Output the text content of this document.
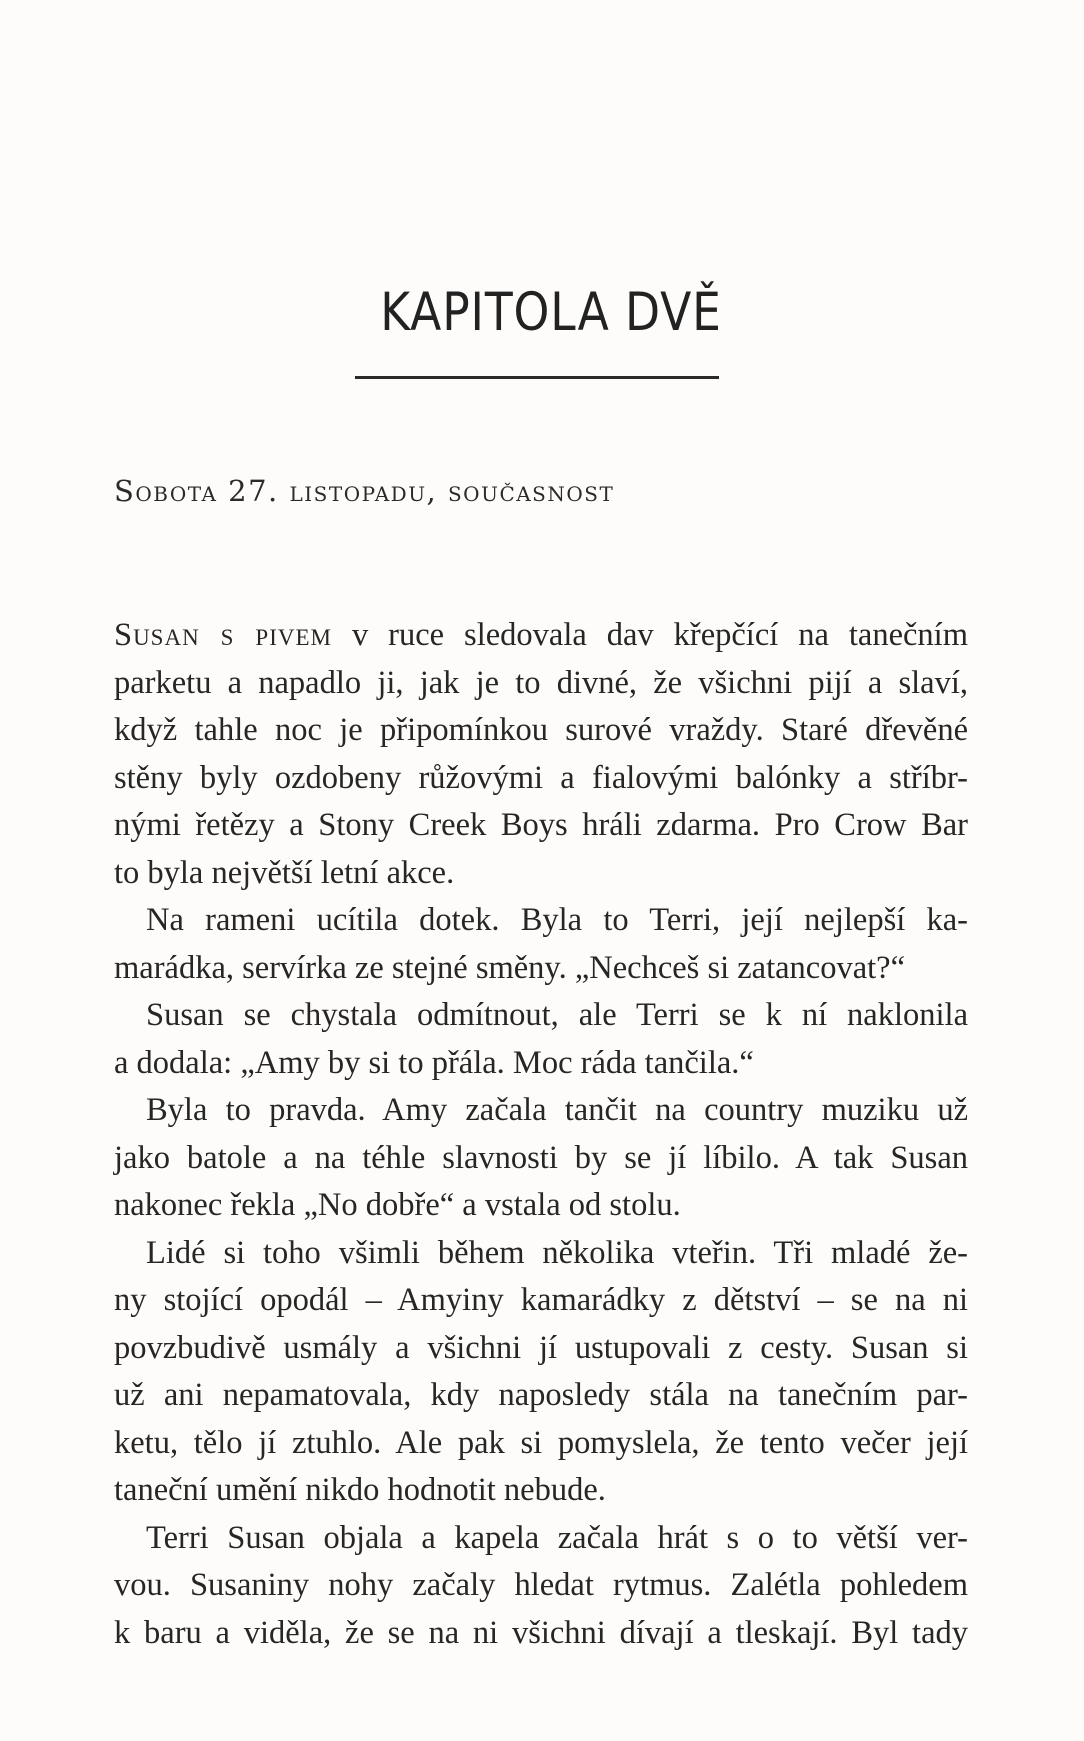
KAPITOLA DVĚ
Sobota 27. listopadu, současnost
Susan s pivem v ruce sledovala dav křepčící na tanečním
parketu a napadlo ji, jak je to divné, že všichni pijí a slaví,
když tahle noc je připomínkou surové vraždy. Staré dřevěné
stěny byly ozdobeny růžovými a fialovými balónky a stříbr-
nými řetězy a Stony Creek Boys hráli zdarma. Pro Crow Bar
to byla největší letní akce.
Na rameni ucítila dotek. Byla to Terri, její nejlepší ka-
marádka, servírka ze stejné směny. „Nechceš si zatancovat?“
Susan se chystala odmítnout, ale Terri se k ní naklonila
a dodala: „Amy by si to přála. Moc ráda tančila.“
Byla to pravda. Amy začala tančit na country muziku už
jako batole a na téhle slavnosti by se jí líbilo. A tak Susan
nakonec řekla „No dobře“ a vstala od stolu.
Lidé si toho všimli během několika vteřin. Tři mladé že-
ny stojící opodál – Amyiny kamarádky z dětství – se na ni
povzbudivě usmály a všichni jí ustupovali z cesty. Susan si
už ani nepamatovala, kdy naposledy stála na tanečním par-
ketu, tělo jí ztuhlo. Ale pak si pomyslela, že tento večer její
taneční umění nikdo hodnotit nebude.
Terri Susan objala a kapela začala hrát s o to větší ver-
vou. Susaniny nohy začaly hledat rytmus. Zalétla pohledem
k baru a viděla, že se na ni všichni dívají a tleskají. Byl tady
